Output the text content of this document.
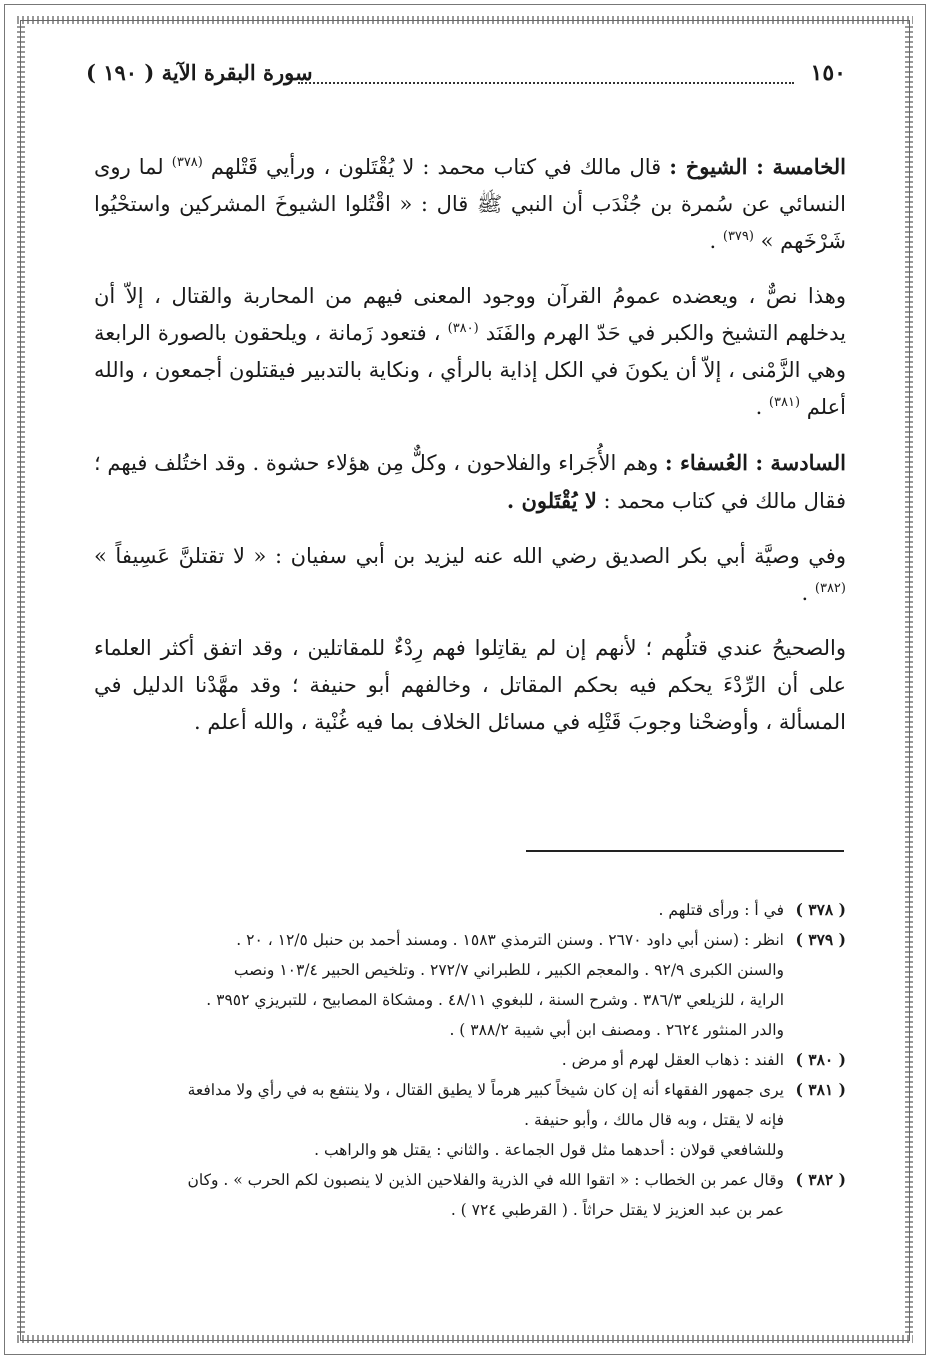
١٥٠
سورة البقرة الآية ( ١٩٠ )

الخامسة : الشيوخ : قال مالك في كتاب محمد : لا يُقْتَلون ، ورأيي قَتْلهم $^{(٣٧٨)}$ لما روى النسائي عن سُمرة بن جُنْدَب أن النبي ﷺ قال : « اقْتُلوا الشيوخَ المشركين واستحْيُوا شَرْخَهم » $^{(٣٧٩)}$ .

وهذا نصٌّ ، ويعضده عمومُ القرآن ووجود المعنى فيهم من المحاربة والقتال ، إلاّ أن يدخلهم التشيخ والكبر في حَدّ الهرم والفَنَد $^{(٣٨٠)}$ ، فتعود زَمانة ، ويلحقون بالصورة الرابعة وهي الزَّمْنى ، إلاّ أن يكونَ في الكل إذاية بالرأي ، ونكاية بالتدبير فيقتلون أجمعون ، والله أعلم $^{(٣٨١)}$ .

السادسة : العُسفاء : وهم الأُجَراء والفلاحون ، وكلٌّ مِن هؤلاء حشوة . وقد اختُلف فيهم ؛ فقال مالك في كتاب محمد : لا يُقْتَلون .

وفي وصيَّة أبي بكر الصديق رضي الله عنه ليزيد بن أبي سفيان : « لا تقتلنَّ عَسِيفاً » $^{(٣٨٢)}$ .

والصحيحُ عندي قتلُهم ؛ لأنهم إن لم يقاتِلوا فهم رِدْءٌ للمقاتلين ، وقد اتفق أكثر العلماء على أن الرِّدْءَ يحكم فيه بحكم المقاتل ، وخالفهم أبو حنيفة ؛ وقد مهَّدْنا الدليل في المسألة ، وأوضحْنا وجوبَ قَتْلِه في مسائل الخلاف بما فيه غُنْية ، والله أعلم .

( ٣٧٨ )
في أ : ورأى قتلهم .
( ٣٧٩ )
انظر : (سنن أبي داود ٢٦٧٠ . وسنن الترمذي ١٥٨٣ . ومسند أحمد بن حنبل ١٢/٥ ، ٢٠ .
والسنن الكبرى ٩٢/٩ . والمعجم الكبير ، للطبراني ٢٧٢/٧ . وتلخيص الحبير ١٠٣/٤ ونصب
الراية ، للزيلعي ٣٨٦/٣ . وشرح السنة ، للبغوي ٤٨/١١ . ومشكاة المصابيح ، للتبريزي ٣٩٥٢ .
والدر المنثور ٢٦٢٤ . ومصنف ابن أبي شيبة ٣٨٨/٢ ) .
( ٣٨٠ )
الفند : ذهاب العقل لهرم أو مرض .
( ٣٨١ )
يرى جمهور الفقهاء أنه إن كان شيخاً كبير هرماً لا يطيق القتال ، ولا ينتفع به في رأي ولا مدافعة
فإنه لا يقتل ، وبه قال مالك ، وأبو حنيفة .
وللشافعي قولان : أحدهما مثل قول الجماعة . والثاني : يقتل هو والراهب .
( ٣٨٢ )
وقال عمر بن الخطاب : « اتقوا الله في الذرية والفلاحين الذين لا ينصبون لكم الحرب » . وكان
عمر بن عبد العزيز لا يقتل حراثاً . ( القرطبي ٧٢٤ ) .
